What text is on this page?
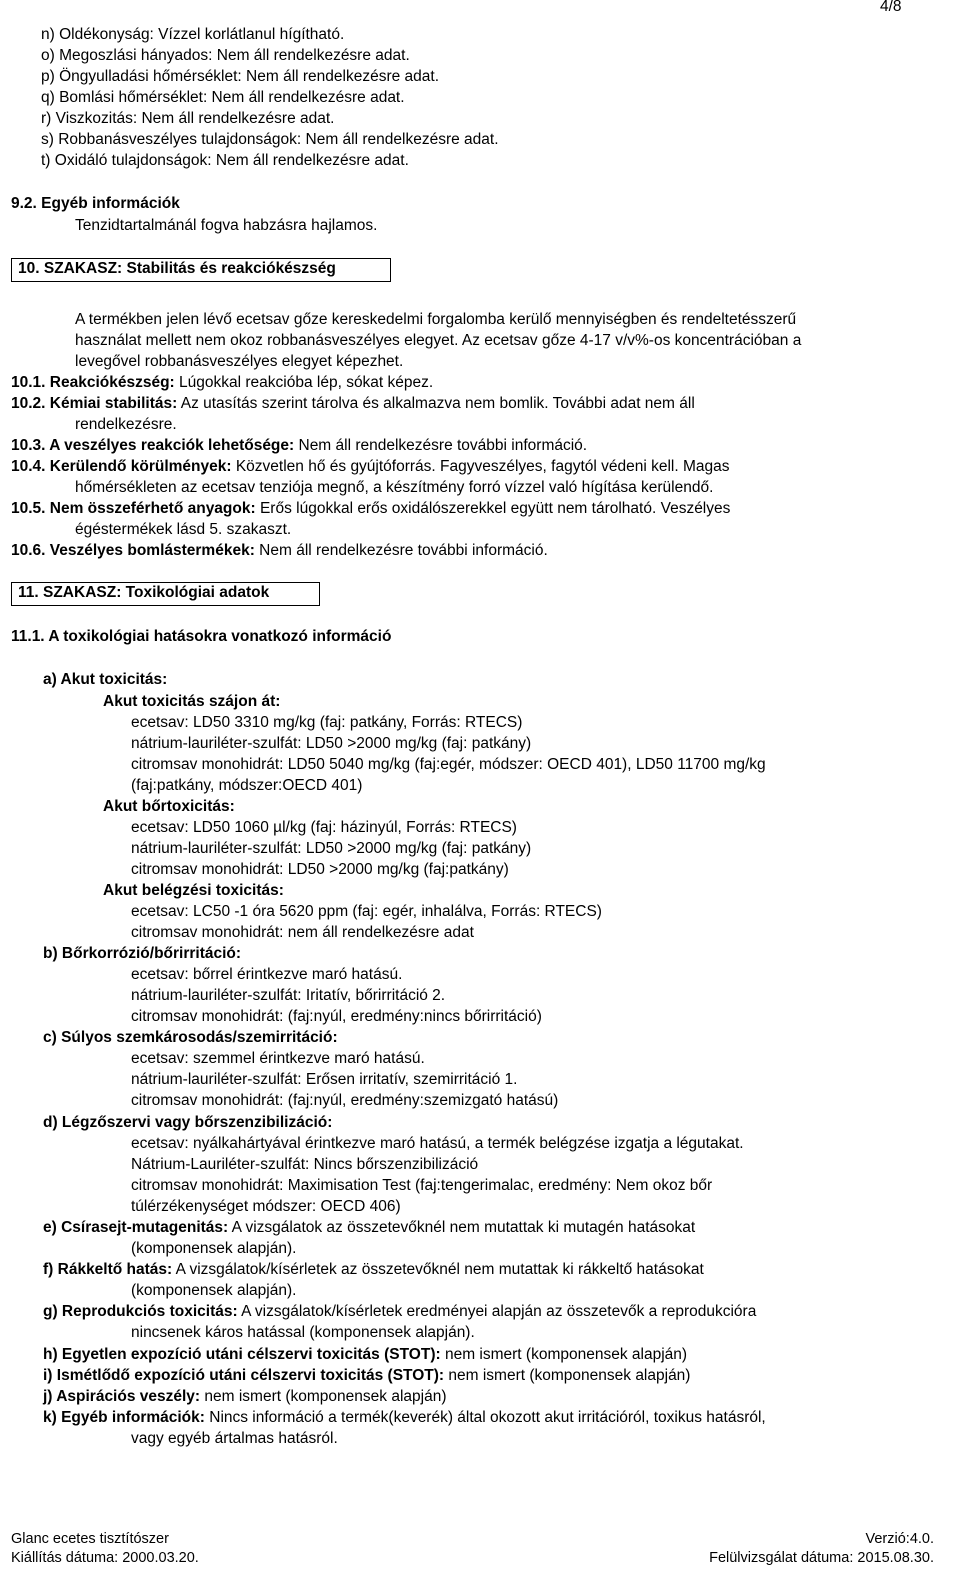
4/8
n) Oldékonyság: Vízzel korlátlanul hígítható.
o) Megoszlási hányados: Nem áll rendelkezésre adat.
p) Öngyulladási hőmérséklet: Nem áll rendelkezésre adat.
q) Bomlási hőmérséklet: Nem áll rendelkezésre adat.
r) Viszkozitás: Nem áll rendelkezésre adat.
s) Robbanásveszélyes tulajdonságok: Nem áll rendelkezésre adat.
t) Oxidáló tulajdonságok: Nem áll rendelkezésre adat.
9.2. Egyéb információk
Tenzidtartalmánál fogva habzásra hajlamos.
10. SZAKASZ: Stabilitás és reakciókészség
A termékben jelen lévő ecetsav gőze kereskedelmi forgalomba kerülő mennyiségben és rendeltetésszerű
használat mellett nem okoz robbanásveszélyes elegyet. Az ecetsav gőze 4-17 v/v%-os koncentrációban a
levegővel robbanásveszélyes elegyet képezhet.
10.1. Reakciókészség: Lúgokkal reakcióba lép, sókat képez.
10.2. Kémiai stabilitás: Az utasítás szerint tárolva és alkalmazva nem bomlik. További adat nem áll
rendelkezésre.
10.3. A veszélyes reakciók lehetősége: Nem áll rendelkezésre további információ.
10.4. Kerülendő körülmények: Közvetlen hő és gyújtóforrás. Fagyveszélyes, fagytól védeni kell. Magas
hőmérsékleten az ecetsav tenziója megnő, a készítmény forró vízzel való hígítása kerülendő.
10.5. Nem összeférhető anyagok: Erős lúgokkal erős oxidálószerekkel együtt nem tárolható. Veszélyes
égéstermékek lásd 5. szakaszt.
10.6. Veszélyes bomlástermékek: Nem áll rendelkezésre további információ.
11. SZAKASZ: Toxikológiai adatok
11.1. A toxikológiai hatásokra vonatkozó információ
a) Akut toxicitás:
Akut toxicitás szájon át:
ecetsav: LD50 3310 mg/kg (faj: patkány, Forrás: RTECS)
nátrium-lauriléter-szulfát: LD50 >2000 mg/kg (faj: patkány)
citromsav monohidrát: LD50 5040 mg/kg (faj:egér, módszer: OECD 401), LD50 11700 mg/kg
(faj:patkány, módszer:OECD 401)
Akut bőrtoxicitás:
ecetsav: LD50 1060 µl/kg (faj: házinyúl, Forrás: RTECS)
nátrium-lauriléter-szulfát: LD50 >2000 mg/kg (faj: patkány)
citromsav monohidrát: LD50 >2000 mg/kg (faj:patkány)
Akut belégzési toxicitás:
ecetsav: LC50 -1 óra 5620 ppm (faj: egér, inhalálva, Forrás: RTECS)
citromsav monohidrát: nem áll rendelkezésre adat
b) Bőrkorrózió/bőrirritáció:
ecetsav: bőrrel érintkezve maró hatású.
nátrium-lauriléter-szulfát: Iritatív, bőrirritáció 2.
citromsav monohidrát: (faj:nyúl, eredmény:nincs bőrirritáció)
c) Súlyos szemkárosodás/szemirritáció:
ecetsav: szemmel érintkezve maró hatású.
nátrium-lauriléter-szulfát: Erősen irritatív, szemirritáció 1.
citromsav monohidrát: (faj:nyúl, eredmény:szemizgató hatású)
d) Légzőszervi vagy bőrszenzibilizáció:
ecetsav: nyálkahártyával érintkezve maró hatású, a termék belégzése izgatja a légutakat.
Nátrium-Lauriléter-szulfát: Nincs bőrszenzibilizáció
citromsav monohidrát: Maximisation Test (faj:tengerimalac, eredmény: Nem okoz bőr
túlérzékenységet módszer: OECD 406)
e) Csírasejt-mutagenitás: A vizsgálatok az összetevőknél nem mutattak ki mutagén hatásokat
(komponensek alapján).
f) Rákkeltő hatás: A vizsgálatok/kísérletek az összetevőknél nem mutattak ki rákkeltő hatásokat
(komponensek alapján).
g) Reprodukciós toxicitás: A vizsgálatok/kísérletek eredményei alapján az összetevők a reprodukcióra
nincsenek káros hatással (komponensek alapján).
h) Egyetlen expozíció utáni célszervi toxicitás (STOT): nem ismert (komponensek alapján)
i) Ismétlődő expozíció utáni célszervi toxicitás (STOT): nem ismert (komponensek alapján)
j) Aspirációs veszély: nem ismert (komponensek alapján)
k) Egyéb információk: Nincs információ a termék(keverék) által okozott akut irritációról, toxikus hatásról,
vagy egyéb ártalmas hatásról.
Glanc ecetes tisztítószer	Verzió:4.0.
Kiállítás dátuma: 2000.03.20.	Felülvizsgálat dátuma: 2015.08.30.
